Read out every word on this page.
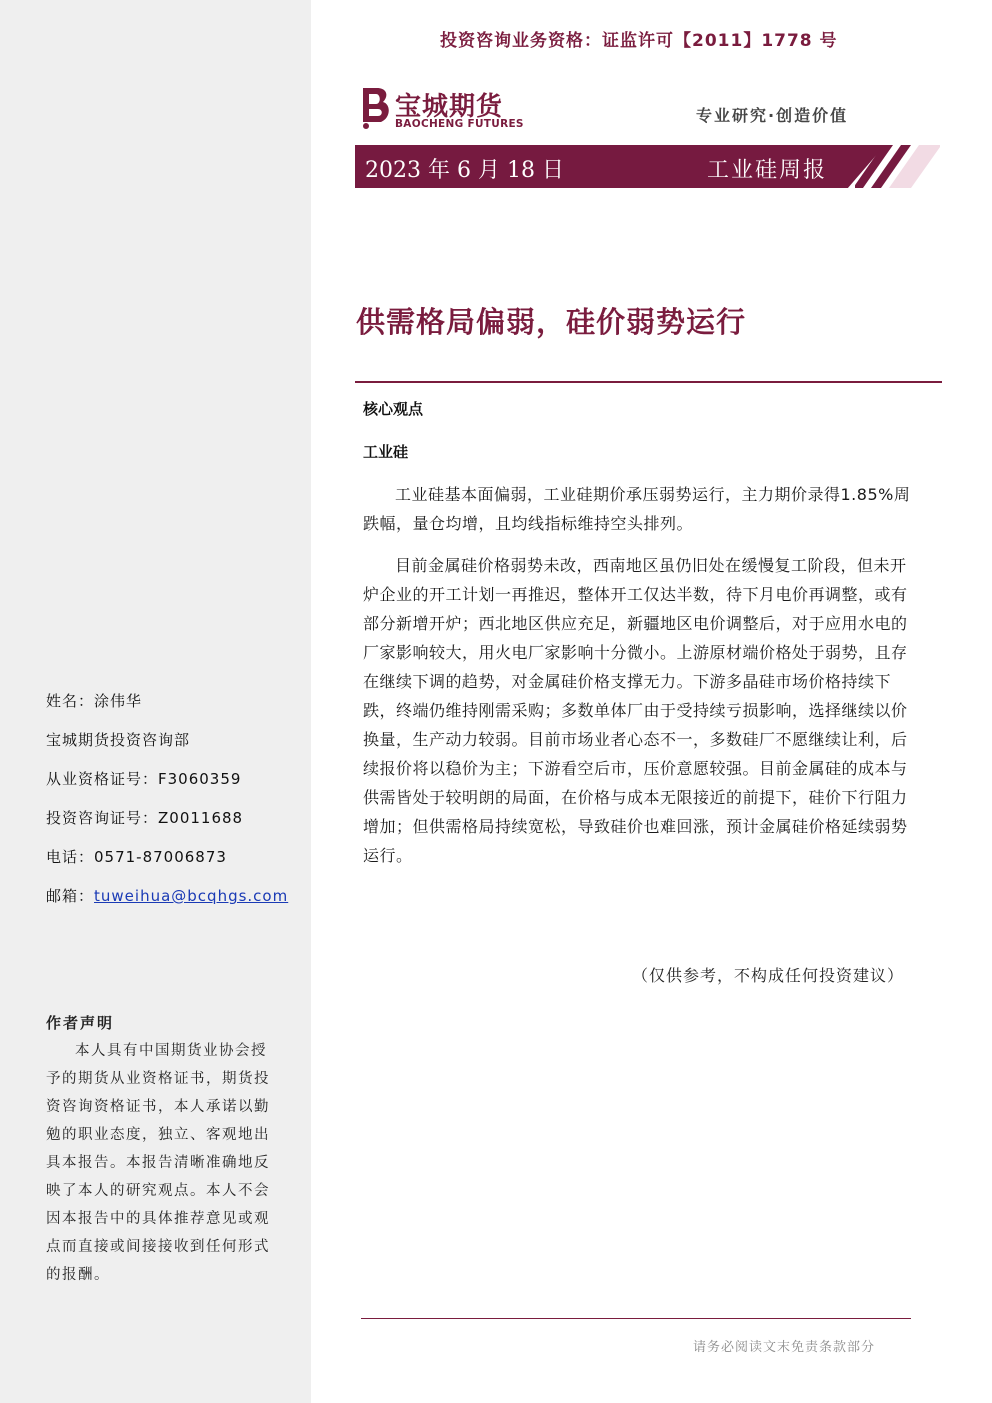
投资咨询业务资格：证监许可【2011】1778 号
宝城期货
BAOCHENG FUTURES	专业研究·创造价值
2023 年 6 月 18 日	工业硅周报
供需格局偏弱，硅价弱势运行
核心观点
工业硅

工业硅基本面偏弱，工业硅期价承压弱势运行，主力期价录得1.85%周跌幅，量仓均增，且均线指标维持空头排列。

目前金属硅价格弱势未改，西南地区虽仍旧处在缓慢复工阶段，但未开炉企业的开工计划一再推迟，整体开工仅达半数，待下月电价再调整，或有部分新增开炉；西北地区供应充足，新疆地区电价调整后，对于应用水电的厂家影响较大，用火电厂家影响十分微小。上游原材端价格处于弱势，且存在继续下调的趋势，对金属硅价格支撑无力。下游多晶硅市场价格持续下跌，终端仍维持刚需采购；多数单体厂由于受持续亏损影响，选择继续以价换量，生产动力较弱。目前市场业者心态不一，多数硅厂不愿继续让利，后续报价将以稳价为主；下游看空后市，压价意愿较强。目前金属硅的成本与供需皆处于较明朗的局面，在价格与成本无限接近的前提下，硅价下行阻力增加；但供需格局持续宽松，导致硅价也难回涨，预计金属硅价格延续弱势运行。

（仅供参考，不构成任何投资建议）
姓名：涂伟华
宝城期货投资咨询部
从业资格证号：F3060359
投资咨询证号：Z0011688
电话：0571-87006873
邮箱：tuweihua@bcqhgs.com
作者声明

本人具有中国期货业协会授予的期货从业资格证书，期货投资咨询资格证书，本人承诺以勤勉的职业态度，独立、客观地出具本报告。本报告清晰准确地反映了本人的研究观点。本人不会因本报告中的具体推荐意见或观点而直接或间接接收到任何形式的报酬。

请务必阅读文末免责条款部分
